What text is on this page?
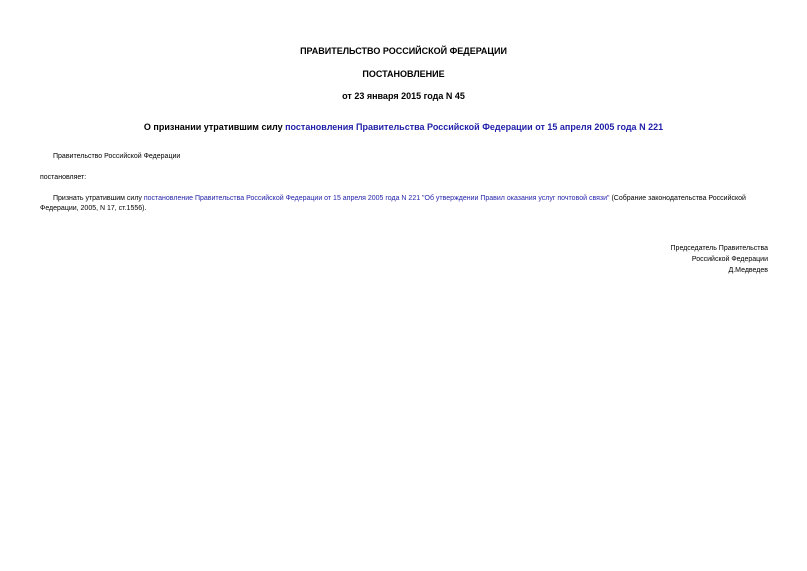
ПРАВИТЕЛЬСТВО РОССИЙСКОЙ ФЕДЕРАЦИИ
ПОСТАНОВЛЕНИЕ
от 23 января 2015 года N 45
О признании утратившим силу постановления Правительства Российской Федерации от 15 апреля 2005 года N 221
Правительство Российской Федерации
постановляет:
Признать утратившим силу постановление Правительства Российской Федерации от 15 апреля 2005 года N 221 "Об утверждении Правил оказания услуг почтовой связи" (Собрание законодательства Российской Федерации, 2005, N 17, ст.1556).
Председатель Правительства
Российской Федерации
Д.Медведев
